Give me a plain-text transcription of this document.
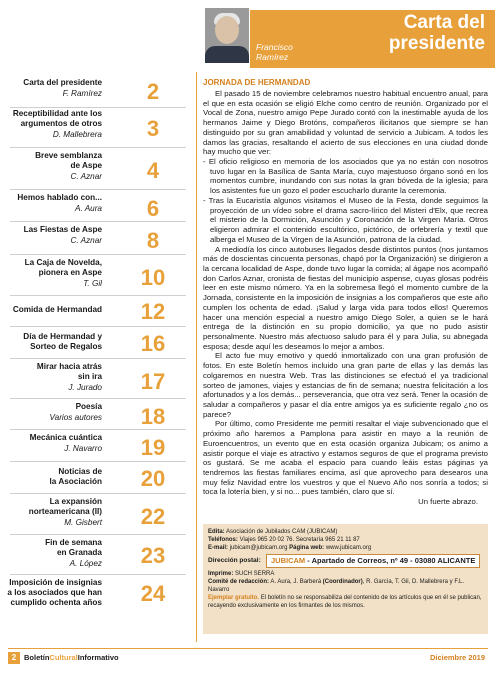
Francisco
Ramírez
Carta del
presidente
Carta del presidente
F. Ramírez	2
Receptibilidad ante los
argumentos de otros
D. Mallebrera	3
Breve semblanza
de Aspe
C. Aznar	4
Hemos hablado con...
A. Aura	6
Las Fiestas de Aspe
C. Aznar	8
La Caja de Novelda,
pionera en Aspe
T. Gil	10
Comida de Hermandad	12
Día de Hermandad y
Sorteo de Regalos	16
Mirar hacia atrás
sin ira
J. Jurado	17
Poesía
Varios autores	18
Mecánica cuántica
J. Navarro	19
Noticias de
la Asociación	20
La expansión
norteamericana (II)
M. Gisbert	22
Fin de semana
en Granada
A. López	23
Imposición de insignias
a los asociados que han
cumplido ochenta años	24
JORNADA DE HERMANDAD

El pasado 15 de noviembre celebramos nuestro habitual encuentro anual, para el que en esta ocasión se eligió Elche como centro de reunión. Organizado por el Vocal de Zona, nuestro amigo Pepe Jurado contó con la inestimable ayuda de los hermanos Jaime y Diego Brotóns, compañeros ilicitanos que siempre se han distinguido por su gran amabilidad y voluntad de servicio a Jubicam. A todos les damos las gracias, resaltando el acierto de sus elecciones en una ciudad donde hay mucho que ver:

- El oficio religioso en memoria de los asociados que ya no están con nosotros tuvo lugar en la Basílica de Santa María, cuyo majestuoso órgano sonó en los momentos cumbre, inundando con sus notas la gran bóveda de la iglesia; para los asistentes fue un gozo el poder escucharlo durante la ceremonia.

- Tras la Eucaristía algunos visitamos el Museo de la Festa, donde seguimos la proyección de un vídeo sobre el drama sacro-lírico del Misteri d'Elx, que recrea el misterio de la Dormición, Asunción y Coronación de la Virgen María. Otros eligieron admirar el contenido escultórico, pictórico, de orfebrería y textil que alberga el Museo de la Virgen de la Asunción, patrona de la ciudad.

A mediodía los cinco autobuses llegados desde distintos puntos (nos juntamos más de doscientas cincuenta personas, chapó por la Organización) se dirigieron a la cercana localidad de Aspe, donde tuvo lugar la comida; al ágape nos acompañó don Carlos Aznar, cronista de fiestas del municipio aspense, cuyas glosas podréis leer en este mismo número. Ya en la sobremesa llegó el momento cumbre de la Jornada, consistente en la imposición de insignias a los compañeros que este año cumplen los ochenta de edad. ¡Salud y larga vida para todos ellos! Queremos hacer una mención especial a nuestro amigo Diego Soler, a quien se le hará entrega de la distinción en su propio domicilio, ya que no pudo asistir personalmente. Nuestro más afectuoso saludo para él y para Julia, su abnegada esposa; desde aquí les deseamos lo mejor a ambos.

El acto fue muy emotivo y quedó inmortalizado con una gran profusión de fotos. En este Boletín hemos incluido una gran parte de ellas y las demás las colgaremos en nuestra Web. Tras las distinciones se efectuó el ya tradicional sorteo de jamones, viajes y estancias de fin de semana; nuestra felicitación a los afortunados y a los demás... perseverancia, que otra vez será. Tener la ocasión de saludar a compañeros y pasar el día entre amigos ya es suficiente regalo ¿no os parece?

Por último, como Presidente me permití resaltar el viaje subvencionado que el próximo año haremos a Pamplona para asistir en mayo a la reunión de Euroencuentros, un evento que en esta ocasión organiza Jubicam; os animo a asistir porque el viaje es atractivo y estamos seguros de que el programa previsto os gustará. Se me acaba el espacio para cuando leáis estas páginas ya tendremos las fiestas familiares encima, así que aprovecho para desearos una muy feliz Navidad entre los vuestros y que el Nuevo Año nos sonría a todos; si toca la lotería bien, y si no... pues también, claro que sí.

Un fuerte abrazo.

Edita: Asociación de Jubilados CAM (JUBICAM)
Teléfonos: Viajes 965 20 02 76. Secretaría 965 21 11 87
E-mail: jubicam@jubicam.org Página web: www.jubicam.org
Dirección postal:	JUBICAM - Apartado de Correos, nº 49 - 03080 ALICANTE
Imprime: SUCH SERRA
Comité de redacción: A. Aura, J. Barberá (Coordinador), R. García, T. Gil, D. Mallebrera y F.L. Navarro
Ejemplar gratuito. El boletín no se responsabiliza del contenido de los artículos que en él se publican, recayendo exclusivamente en los firmantes de los mismos.
2	BoletínCulturalInformativo	Diciembre 2019
